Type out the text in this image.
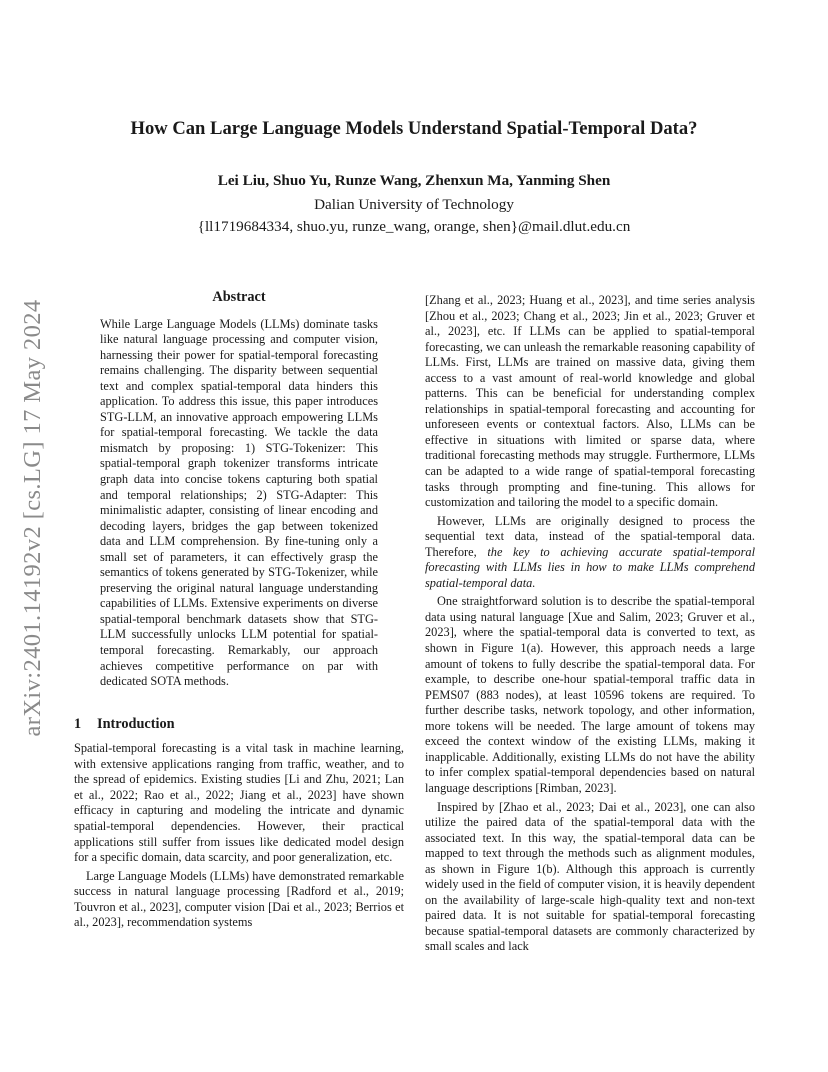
arXiv:2401.14192v2 [cs.LG] 17 May 2024
How Can Large Language Models Understand Spatial-Temporal Data?
Lei Liu, Shuo Yu, Runze Wang, Zhenxun Ma, Yanming Shen
Dalian University of Technology
{ll1719684334, shuo.yu, runze_wang, orange, shen}@mail.dlut.edu.cn
Abstract

While Large Language Models (LLMs) dominate tasks like natural language processing and computer vision, harnessing their power for spatial-temporal forecasting remains challenging. The disparity between sequential text and complex spatial-temporal data hinders this application. To address this issue, this paper introduces STG-LLM, an innovative approach empowering LLMs for spatial-temporal forecasting. We tackle the data mismatch by proposing: 1) STG-Tokenizer: This spatial-temporal graph tokenizer transforms intricate graph data into concise tokens capturing both spatial and temporal relationships; 2) STG-Adapter: This minimalistic adapter, consisting of linear encoding and decoding layers, bridges the gap between tokenized data and LLM comprehension. By fine-tuning only a small set of parameters, it can effectively grasp the semantics of tokens generated by STG-Tokenizer, while preserving the original natural language understanding capabilities of LLMs. Extensive experiments on diverse spatial-temporal benchmark datasets show that STG-LLM successfully unlocks LLM potential for spatial-temporal forecasting. Remarkably, our approach achieves competitive performance on par with dedicated SOTA methods.

1 Introduction

Spatial-temporal forecasting is a vital task in machine learning, with extensive applications ranging from traffic, weather, and to the spread of epidemics. Existing studies [Li and Zhu, 2021; Lan et al., 2022; Rao et al., 2022; Jiang et al., 2023] have shown efficacy in capturing and modeling the intricate and dynamic spatial-temporal dependencies. However, their practical applications still suffer from issues like dedicated model design for a specific domain, data scarcity, and poor generalization, etc.

Large Language Models (LLMs) have demonstrated remarkable success in natural language processing [Radford et al., 2019; Touvron et al., 2023], computer vision [Dai et al., 2023; Berrios et al., 2023], recommendation systems

[Zhang et al., 2023; Huang et al., 2023], and time series analysis [Zhou et al., 2023; Chang et al., 2023; Jin et al., 2023; Gruver et al., 2023], etc. If LLMs can be applied to spatial-temporal forecasting, we can unleash the remarkable reasoning capability of LLMs. First, LLMs are trained on massive data, giving them access to a vast amount of real-world knowledge and global patterns. This can be beneficial for understanding complex relationships in spatial-temporal forecasting and accounting for unforeseen events or contextual factors. Also, LLMs can be effective in situations with limited or sparse data, where traditional forecasting methods may struggle. Furthermore, LLMs can be adapted to a wide range of spatial-temporal forecasting tasks through prompting and fine-tuning. This allows for customization and tailoring the model to a specific domain.

However, LLMs are originally designed to process the sequential text data, instead of the spatial-temporal data. Therefore, the key to achieving accurate spatial-temporal forecasting with LLMs lies in how to make LLMs comprehend spatial-temporal data.

One straightforward solution is to describe the spatial-temporal data using natural language [Xue and Salim, 2023; Gruver et al., 2023], where the spatial-temporal data is converted to text, as shown in Figure 1(a). However, this approach needs a large amount of tokens to fully describe the spatial-temporal data. For example, to describe one-hour spatial-temporal traffic data in PEMS07 (883 nodes), at least 10596 tokens are required. To further describe tasks, network topology, and other information, more tokens will be needed. The large amount of tokens may exceed the context window of the existing LLMs, making it inapplicable. Additionally, existing LLMs do not have the ability to infer complex spatial-temporal dependencies based on natural language descriptions [Rimban, 2023].

Inspired by [Zhao et al., 2023; Dai et al., 2023], one can also utilize the paired data of the spatial-temporal data with the associated text. In this way, the spatial-temporal data can be mapped to text through the methods such as alignment modules, as shown in Figure 1(b). Although this approach is currently widely used in the field of computer vision, it is heavily dependent on the availability of large-scale high-quality text and non-text paired data. It is not suitable for spatial-temporal forecasting because spatial-temporal datasets are commonly characterized by small scales and lack
